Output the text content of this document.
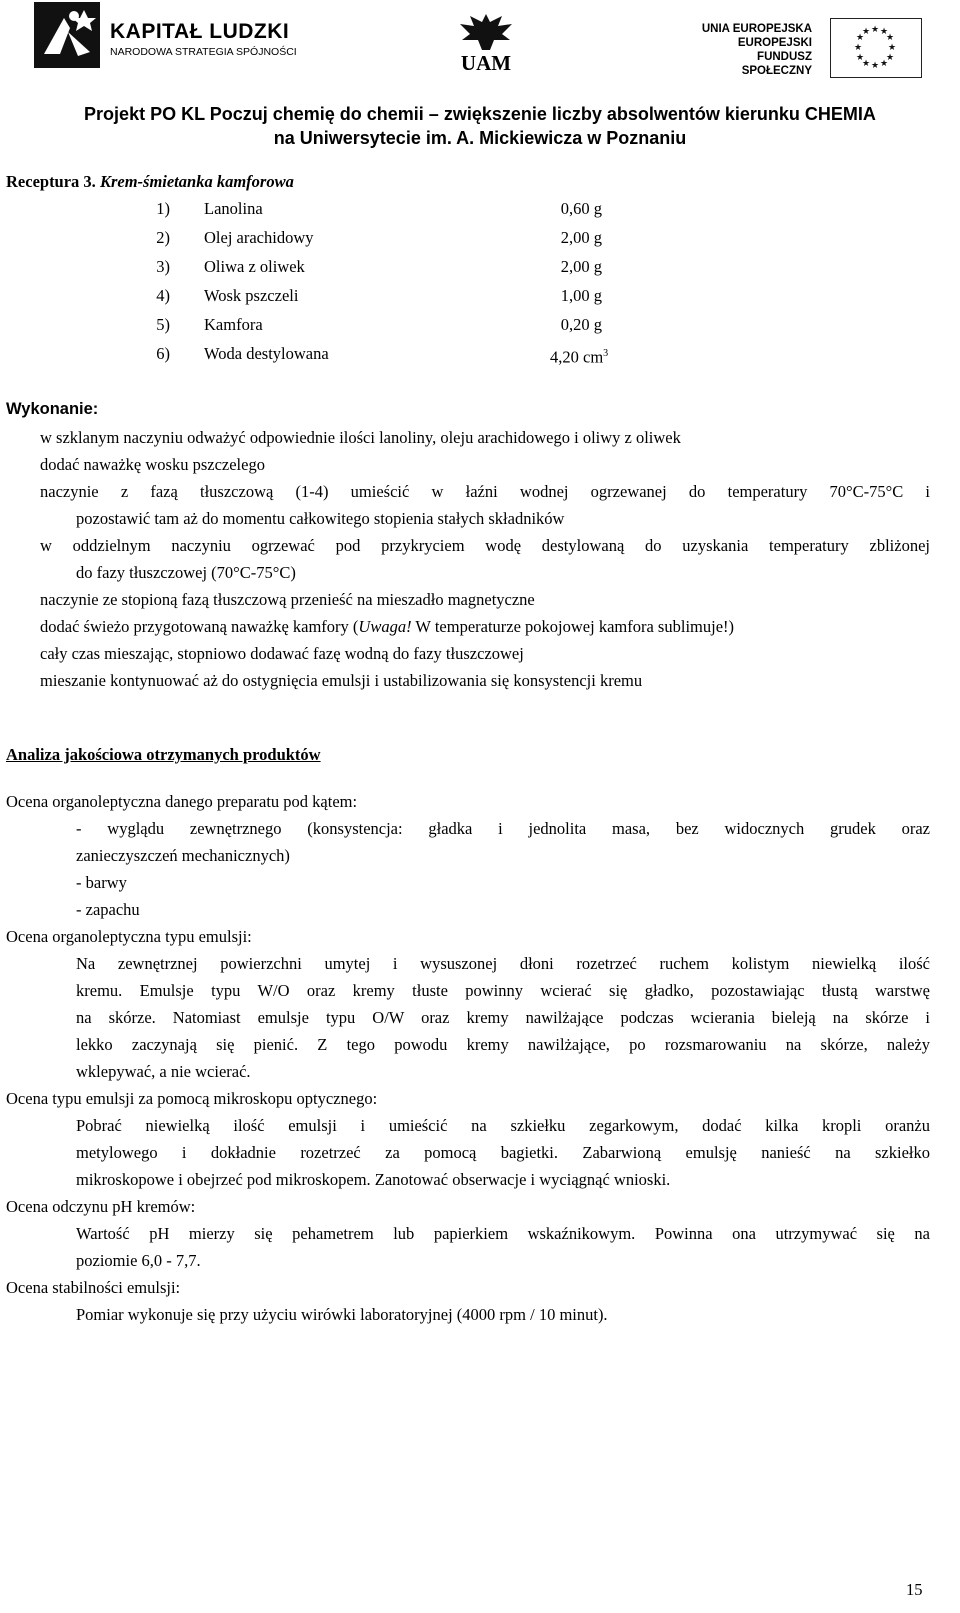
KAPITAŁ LUDZKI
NARODOWA STRATEGIA SPÓJNOŚCI	UAM
UNIA EUROPEJSKA
EUROPEJSKI
FUNDUSZ SPOŁECZNY
★ ★
★
★
★
★
★
★
★
★
★
★
Projekt PO KL Poczuj chemię do chemii – zwiększenie liczby absolwentów kierunku CHEMIA
na Uniwersytecie im. A. Mickiewicza w Poznaniu
Receptura 3. Krem-śmietanka kamforowa
1) Lanolina	0,60 g
2) Olej arachidowy	2,00 g
3) Oliwa z oliwek	2,00 g
4) Wosk pszczeli	1,00 g
5) Kamfora	0,20 g
6) Woda destylowana	4,20 $cm^3$
Wykonanie:
w szklanym naczyniu odważyć odpowiednie ilości lanoliny, oleju arachidowego i oliwy z oliwek
dodać naważkę wosku pszczelego
naczynie z fazą tłuszczową (1-4) umieścić w łaźni wodnej ogrzewanej do temperatury 70°C-75°C i
pozostawić tam aż do momentu całkowitego stopienia stałych składników
w oddzielnym naczyniu ogrzewać pod przykryciem wodę destylowaną do uzyskania temperatury zbliżonej
do fazy tłuszczowej (70°C-75°C)
naczynie ze stopioną fazą tłuszczową przenieść na mieszadło magnetyczne
dodać świeżo przygotowaną naważkę kamfory (Uwaga! W temperaturze pokojowej kamfora sublimuje!)
cały czas mieszając, stopniowo dodawać fazę wodną do fazy tłuszczowej
mieszanie kontynuować aż do ostygnięcia emulsji i ustabilizowania się konsystencji kremu
Analiza jakościowa otrzymanych produktów
Ocena organoleptyczna danego preparatu pod kątem:
- wyglądu zewnętrznego (konsystencja: gładka i jednolita masa, bez widocznych grudek oraz
zanieczyszczeń mechanicznych)
- barwy
- zapachu
Ocena organoleptyczna typu emulsji:
Na zewnętrznej powierzchni umytej i wysuszonej dłoni rozetrzeć ruchem kolistym niewielką ilość
kremu. Emulsje typu W/O oraz kremy tłuste powinny wcierać się gładko, pozostawiając tłustą warstwę
na skórze. Natomiast emulsje typu O/W oraz kremy nawilżające podczas wcierania bieleją na skórze i
lekko zaczynają się pienić. Z tego powodu kremy nawilżające, po rozsmarowaniu na skórze, należy
wklepywać, a nie wcierać.
Ocena typu emulsji za pomocą mikroskopu optycznego:
Pobrać niewielką ilość emulsji i umieścić na szkiełku zegarkowym, dodać kilka kropli oranżu
metylowego i dokładnie rozetrzeć za pomocą bagietki. Zabarwioną emulsję nanieść na szkiełko
mikroskopowe i obejrzeć pod mikroskopem. Zanotować obserwacje i wyciągnąć wnioski.
Ocena odczynu pH kremów:
Wartość pH mierzy się pehametrem lub papierkiem wskaźnikowym. Powinna ona utrzymywać się na
poziomie 6,0 - 7,7.
Ocena stabilności emulsji:
Pomiar wykonuje się przy użyciu wirówki laboratoryjnej (4000 rpm / 10 minut).
15
